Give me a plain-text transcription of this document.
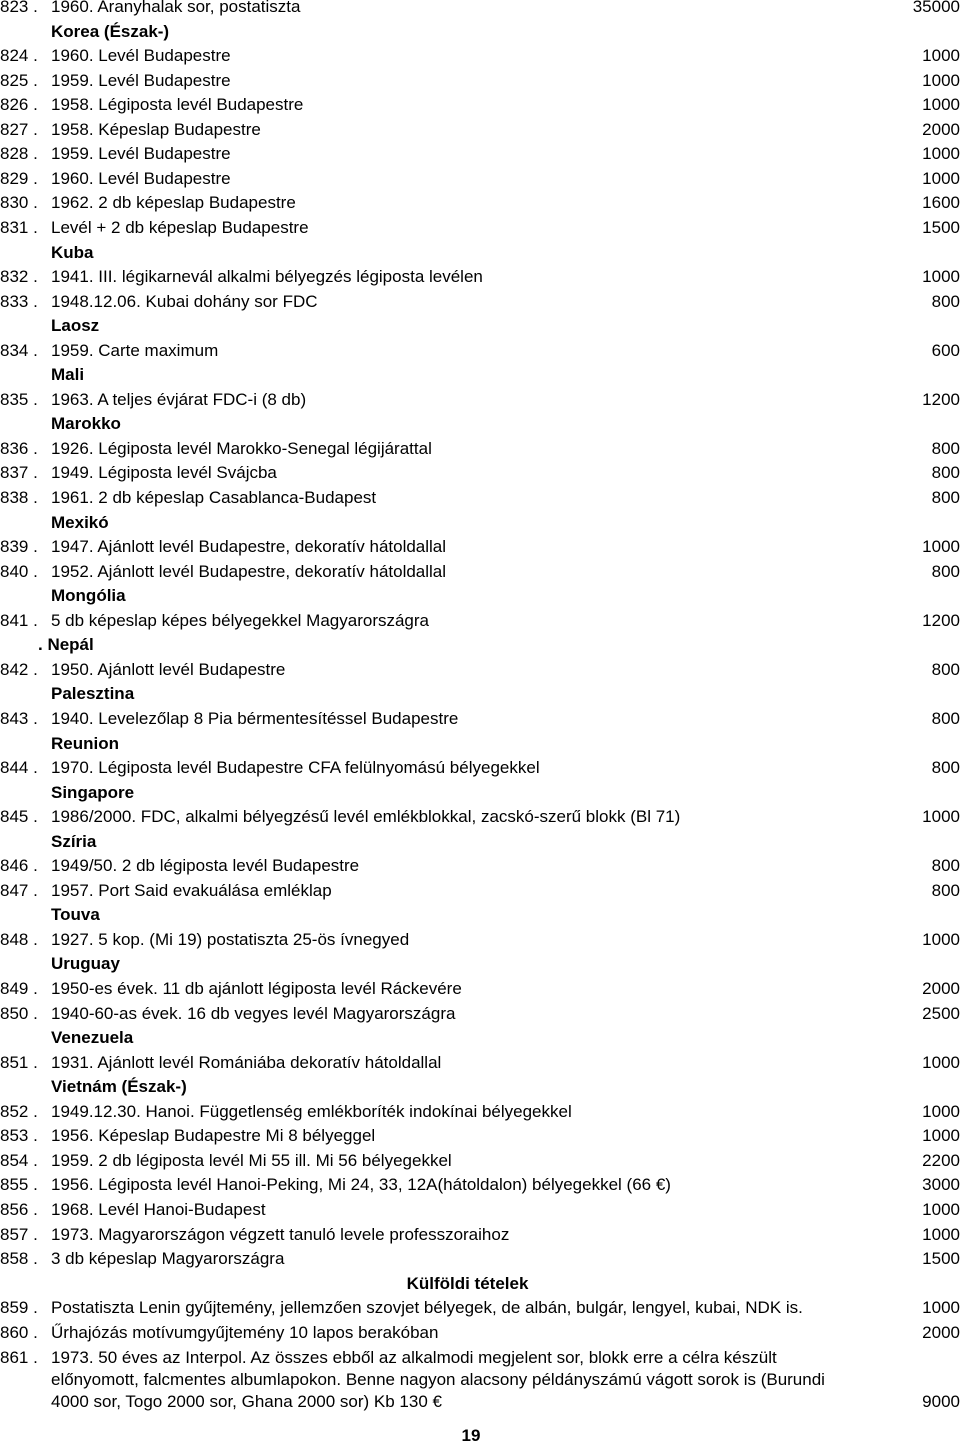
823 . 1960. Aranyhalak sor, postatiszta	35000
Korea (Észak-)
824 . 1960. Levél Budapestre	1000
825 . 1959. Levél Budapestre	1000
826 . 1958. Légiposta levél Budapestre	1000
827 . 1958. Képeslap Budapestre	2000
828 . 1959. Levél Budapestre	1000
829 . 1960. Levél Budapestre	1000
830 . 1962. 2 db képeslap Budapestre	1600
831 . Levél + 2 db képeslap Budapestre	1500
Kuba
832 . 1941. III. légikarnevál alkalmi bélyegzés légiposta levélen	1000
833 . 1948.12.06. Kubai dohány sor FDC	800
Laosz
834 . 1959. Carte maximum	600
Mali
835 . 1963. A teljes évjárat FDC-i (8 db)	1200
Marokko
836 . 1926. Légiposta levél Marokko-Senegal légijárattal	800
837 . 1949. Légiposta levél Svájcba	800
838 . 1961. 2 db képeslap Casablanca-Budapest	800
Mexikó
839 . 1947. Ajánlott levél Budapestre, dekoratív hátoldallal	1000
840 . 1952. Ajánlott levél Budapestre, dekoratív hátoldallal	800
Mongólia
841 . 5 db képeslap képes bélyegekkel Magyarországra	1200
. Nepál
842 . 1950. Ajánlott levél Budapestre	800
Palesztina
843 . 1940. Levelezőlap 8 Pia bérmentesítéssel Budapestre	800
Reunion
844 . 1970. Légiposta levél Budapestre CFA felülnyomású bélyegekkel	800
Singapore
845 . 1986/2000. FDC, alkalmi bélyegzésű levél emlékblokkal, zacskó-szerű blokk (Bl 71)	1000
Szíria
846 . 1949/50. 2 db légiposta levél Budapestre	800
847 . 1957. Port Said evakuálása emléklap	800
Touva
848 . 1927. 5 kop. (Mi 19) postatiszta 25-ös ívnegyed	1000
Uruguay
849 . 1950-es évek. 11 db ajánlott légiposta levél Ráckevére	2000
850 . 1940-60-as évek. 16 db vegyes levél Magyarországra	2500
Venezuela
851 . 1931. Ajánlott levél Romániába dekoratív hátoldallal	1000
Vietnám (Észak-)
852 . 1949.12.30. Hanoi. Függetlenség emlékboríték indokínai bélyegekkel	1000
853 . 1956. Képeslap Budapestre Mi 8 bélyeggel	1000
854 . 1959. 2 db légiposta levél Mi 55 ill. Mi 56 bélyegekkel	2200
855 . 1956. Légiposta levél Hanoi-Peking, Mi 24, 33, 12A(hátoldalon) bélyegekkel (66 €)	3000
856 . 1968. Levél Hanoi-Budapest	1000
857 . 1973. Magyarországon végzett tanuló levele professzoraihoz	1000
858 . 3 db képeslap Magyarországra	1500
Külföldi tételek
859 . Postatiszta Lenin gyűjtemény, jellemzően szovjet bélyegek, de albán, bulgár, lengyel, kubai, NDK is.	1000
860 . Űrhajózás motívumgyűjtemény 10 lapos berakóban	2000
861 . 1973. 50 éves az Interpol. Az összes ebből az alkalmodi megjelent sor, blokk erre a célra készült előnyomott, falcmentes albumlapokon. Benne nagyon alacsony példányszámú vágott sorok is (Burundi 4000 sor, Togo 2000 sor, Ghana 2000 sor) Kb 130 €	9000
19
